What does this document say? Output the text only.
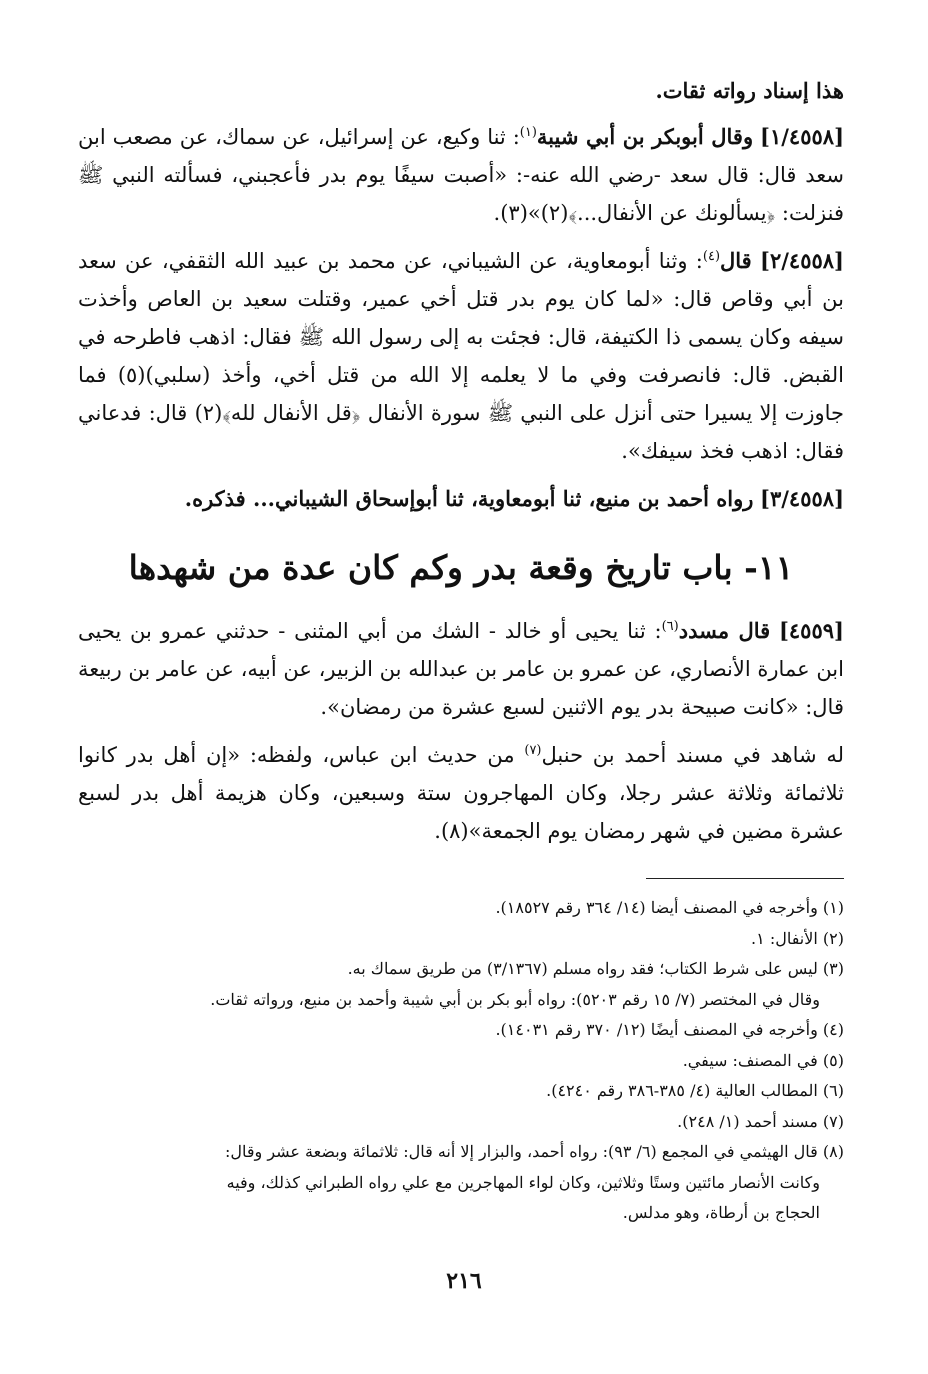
هذا إسناد رواته ثقات.

[١/٤٥٥٨] وقال أبوبكر بن أبي شيبة$^{(١)}$: ثنا وكيع، عن إسرائيل، عن سماك، عن مصعب ابن سعد قال: قال سعد -رضي الله عنه-: «أصبت سيفًا يوم بدر فأعجبني، فسألته النبي ﷺ فنزلت: ﴿يسألونك عن الأنفال...﴾(٢)»(٣).

[٢/٤٥٥٨] قال$^{(٤)}$: وثنا أبومعاوية، عن الشيباني، عن محمد بن عبيد الله الثقفي، عن سعد بن أبي وقاص قال: «لما كان يوم بدر قتل أخي عمير، وقتلت سعيد بن العاص وأخذت سيفه وكان يسمى ذا الكتيفة، قال: فجئت به إلى رسول الله ﷺ فقال: اذهب فاطرحه في القبض. قال: فانصرفت وفي ما لا يعلمه إلا الله من قتل أخي، وأخذ (سلبي)(٥) فما جاوزت إلا يسيرا حتى أنزل على النبي ﷺ سورة الأنفال ﴿قل الأنفال لله﴾(٢) قال: فدعاني فقال: اذهب فخذ سيفك».

[٣/٤٥٥٨] رواه أحمد بن منيع، ثنا أبومعاوية، ثنا أبوإسحاق الشيباني... فذكره.

١١- باب تاريخ وقعة بدر وكم كان عدة من شهدها

[٤٥٥٩] قال مسدد$^{(٦)}$: ثنا يحيى أو خالد - الشك من أبي المثنى - حدثني عمرو بن يحيى ابن عمارة الأنصاري، عن عمرو بن عامر بن عبدالله بن الزبير، عن أبيه، عن عامر بن ربيعة قال: «كانت صبيحة بدر يوم الاثنين لسبع عشرة من رمضان».

له شاهد في مسند أحمد بن حنبل$^{(٧)}$ من حديث ابن عباس، ولفظه: «إن أهل بدر كانوا ثلاثمائة وثلاثة عشر رجلا، وكان المهاجرون ستة وسبعين، وكان هزيمة أهل بدر لسبع عشرة مضين في شهر رمضان يوم الجمعة»(٨).

(١) وأخرجه في المصنف أيضا (١٤/ ٣٦٤ رقم ١٨٥٢٧).

(٢) الأنفال: ١.

(٣) ليس على شرط الكتاب؛ فقد رواه مسلم (٣/١٣٦٧) من طريق سماك به.

وقال في المختصر (٧/ ١٥ رقم ٥٢٠٣): رواه أبو بكر بن أبي شيبة وأحمد بن منيع، ورواته ثقات.

(٤) وأخرجه في المصنف أيضًا (١٢/ ٣٧٠ رقم ١٤٠٣١).

(٥) في المصنف: سيفي.

(٦) المطالب العالية (٤/ ٣٨٥-٣٨٦ رقم ٤٢٤٠).

(٧) مسند أحمد (١/ ٢٤٨).

(٨) قال الهيثمي في المجمع (٦/ ٩٣): رواه أحمد، والبزار إلا أنه قال: ثلاثمائة وبضعة عشر وقال:

وكانت الأنصار مائتين وستًا وثلاثين، وكان لواء المهاجرين مع علي رواه الطبراني كذلك، وفيه

الحجاج بن أرطاة، وهو مدلس.

٢١٦
